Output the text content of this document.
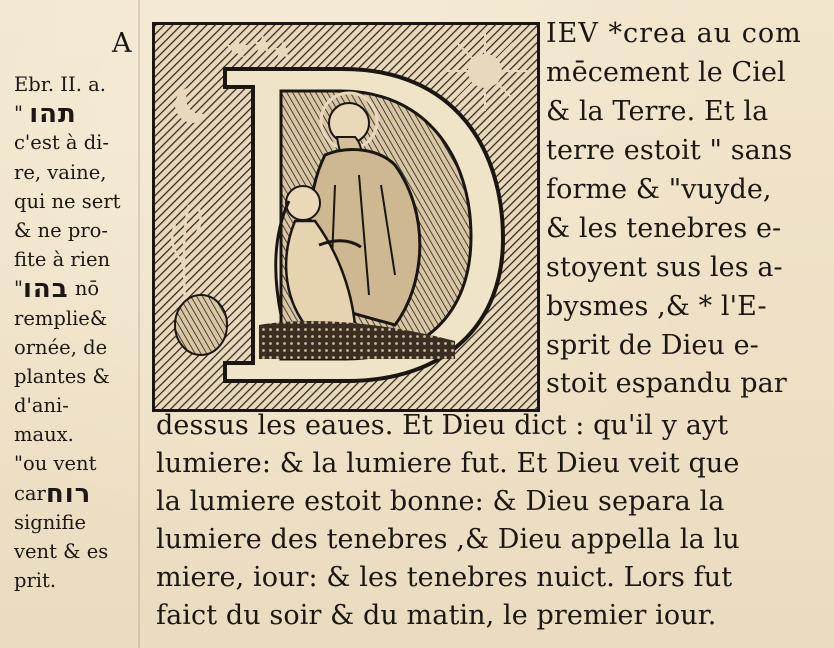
A
Ebr. II. a.
" תהו
c'est à di-
re, vaine,
qui ne sert
& ne pro-
fite à rien
"בהו nō
remplie&
ornée, de
plantes &
d'ani-
maux.
"ou vent
carרוח
signifie
vent & es
prit.
IEV *crea au com
mēcement le Ciel
& la Terre. Et la
terre estoit " sans
forme & "vuyde,
& les tenebres e-
stoyent sus les a-
bysmes ,& * l'E-
sprit de Dieu e-
stoit espandu par
dessus les eaues. Et Dieu dict : qu'il y ayt
lumiere: & la lumiere fut. Et Dieu veit que
la lumiere estoit bonne: & Dieu separa la
lumiere des tenebres ,& Dieu appella la lu
miere, iour: & les tenebres nuict. Lors fut
faict du soir & du matin, le premier iour.
